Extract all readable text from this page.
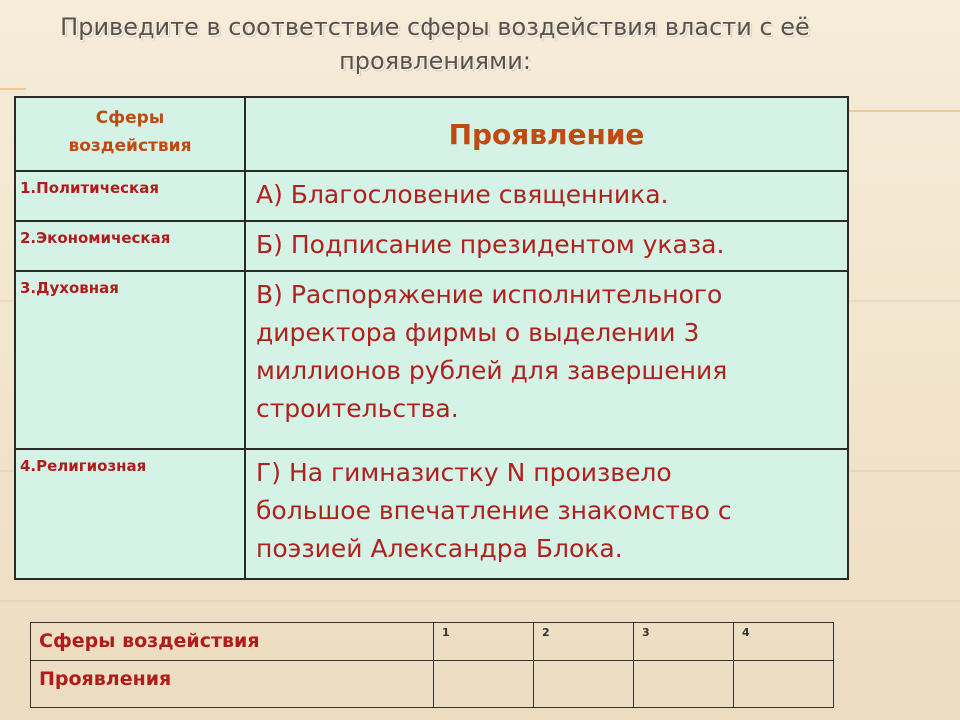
Приведите в соответствие сферы воздействия власти с её
проявлениями:
Сферы
воздействия	Проявление
1.Политическая	А) Благословение священника.

2.Экономическая	Б) Подписание президентом указа.

3.Духовная	В) Распоряжение исполнительного
директора фирмы о выделении 3
миллионов рублей для завершения
строительства.

4.Религиозная	Г) На гимназистку N произвело
большое впечатление знакомство с
поэзией Александра Блока.
Сферы воздействия	1	2	3	4
Проявления				
